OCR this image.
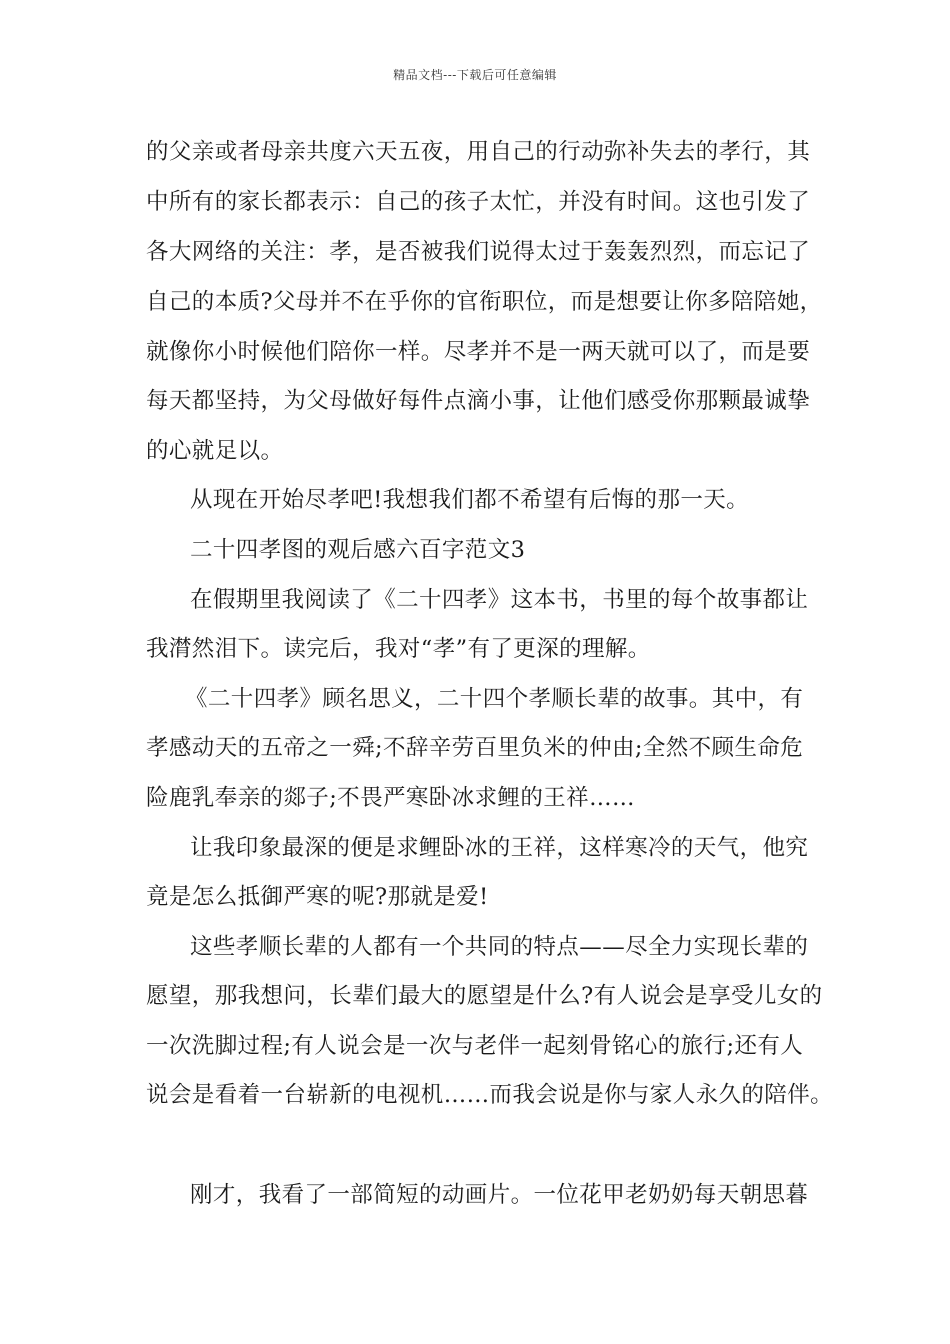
精品文档---下载后可任意编辑
的父亲或者母亲共度六天五夜，用自己的行动弥补失去的孝行，其
中所有的家长都表示：自己的孩子太忙，并没有时间。这也引发了
各大网络的关注：孝，是否被我们说得太过于轰轰烈烈，而忘记了
自己的本质?父母并不在乎你的官衔职位，而是想要让你多陪陪她，
就像你小时候他们陪你一样。尽孝并不是一两天就可以了，而是要
每天都坚持，为父母做好每件点滴小事，让他们感受你那颗最诚挚
的心就足以。
从现在开始尽孝吧!我想我们都不希望有后悔的那一天。
二十四孝图的观后感六百字范文3
在假期里我阅读了《二十四孝》这本书，书里的每个故事都让
我潸然泪下。读完后，我对“孝”有了更深的理解。
《二十四孝》顾名思义，二十四个孝顺长辈的故事。其中，有
孝感动天的五帝之一舜;不辞辛劳百里负米的仲由;全然不顾生命危
险鹿乳奉亲的郯子;不畏严寒卧冰求鲤的王祥……
让我印象最深的便是求鲤卧冰的王祥，这样寒冷的天气，他究
竟是怎么抵御严寒的呢?那就是爱!
这些孝顺长辈的人都有一个共同的特点——尽全力实现长辈的
愿望，那我想问，长辈们最大的愿望是什么?有人说会是享受儿女的
一次洗脚过程;有人说会是一次与老伴一起刻骨铭心的旅行;还有人
说会是看着一台崭新的电视机……而我会说是你与家人永久的陪伴。
刚才，我看了一部简短的动画片。一位花甲老奶奶每天朝思暮
